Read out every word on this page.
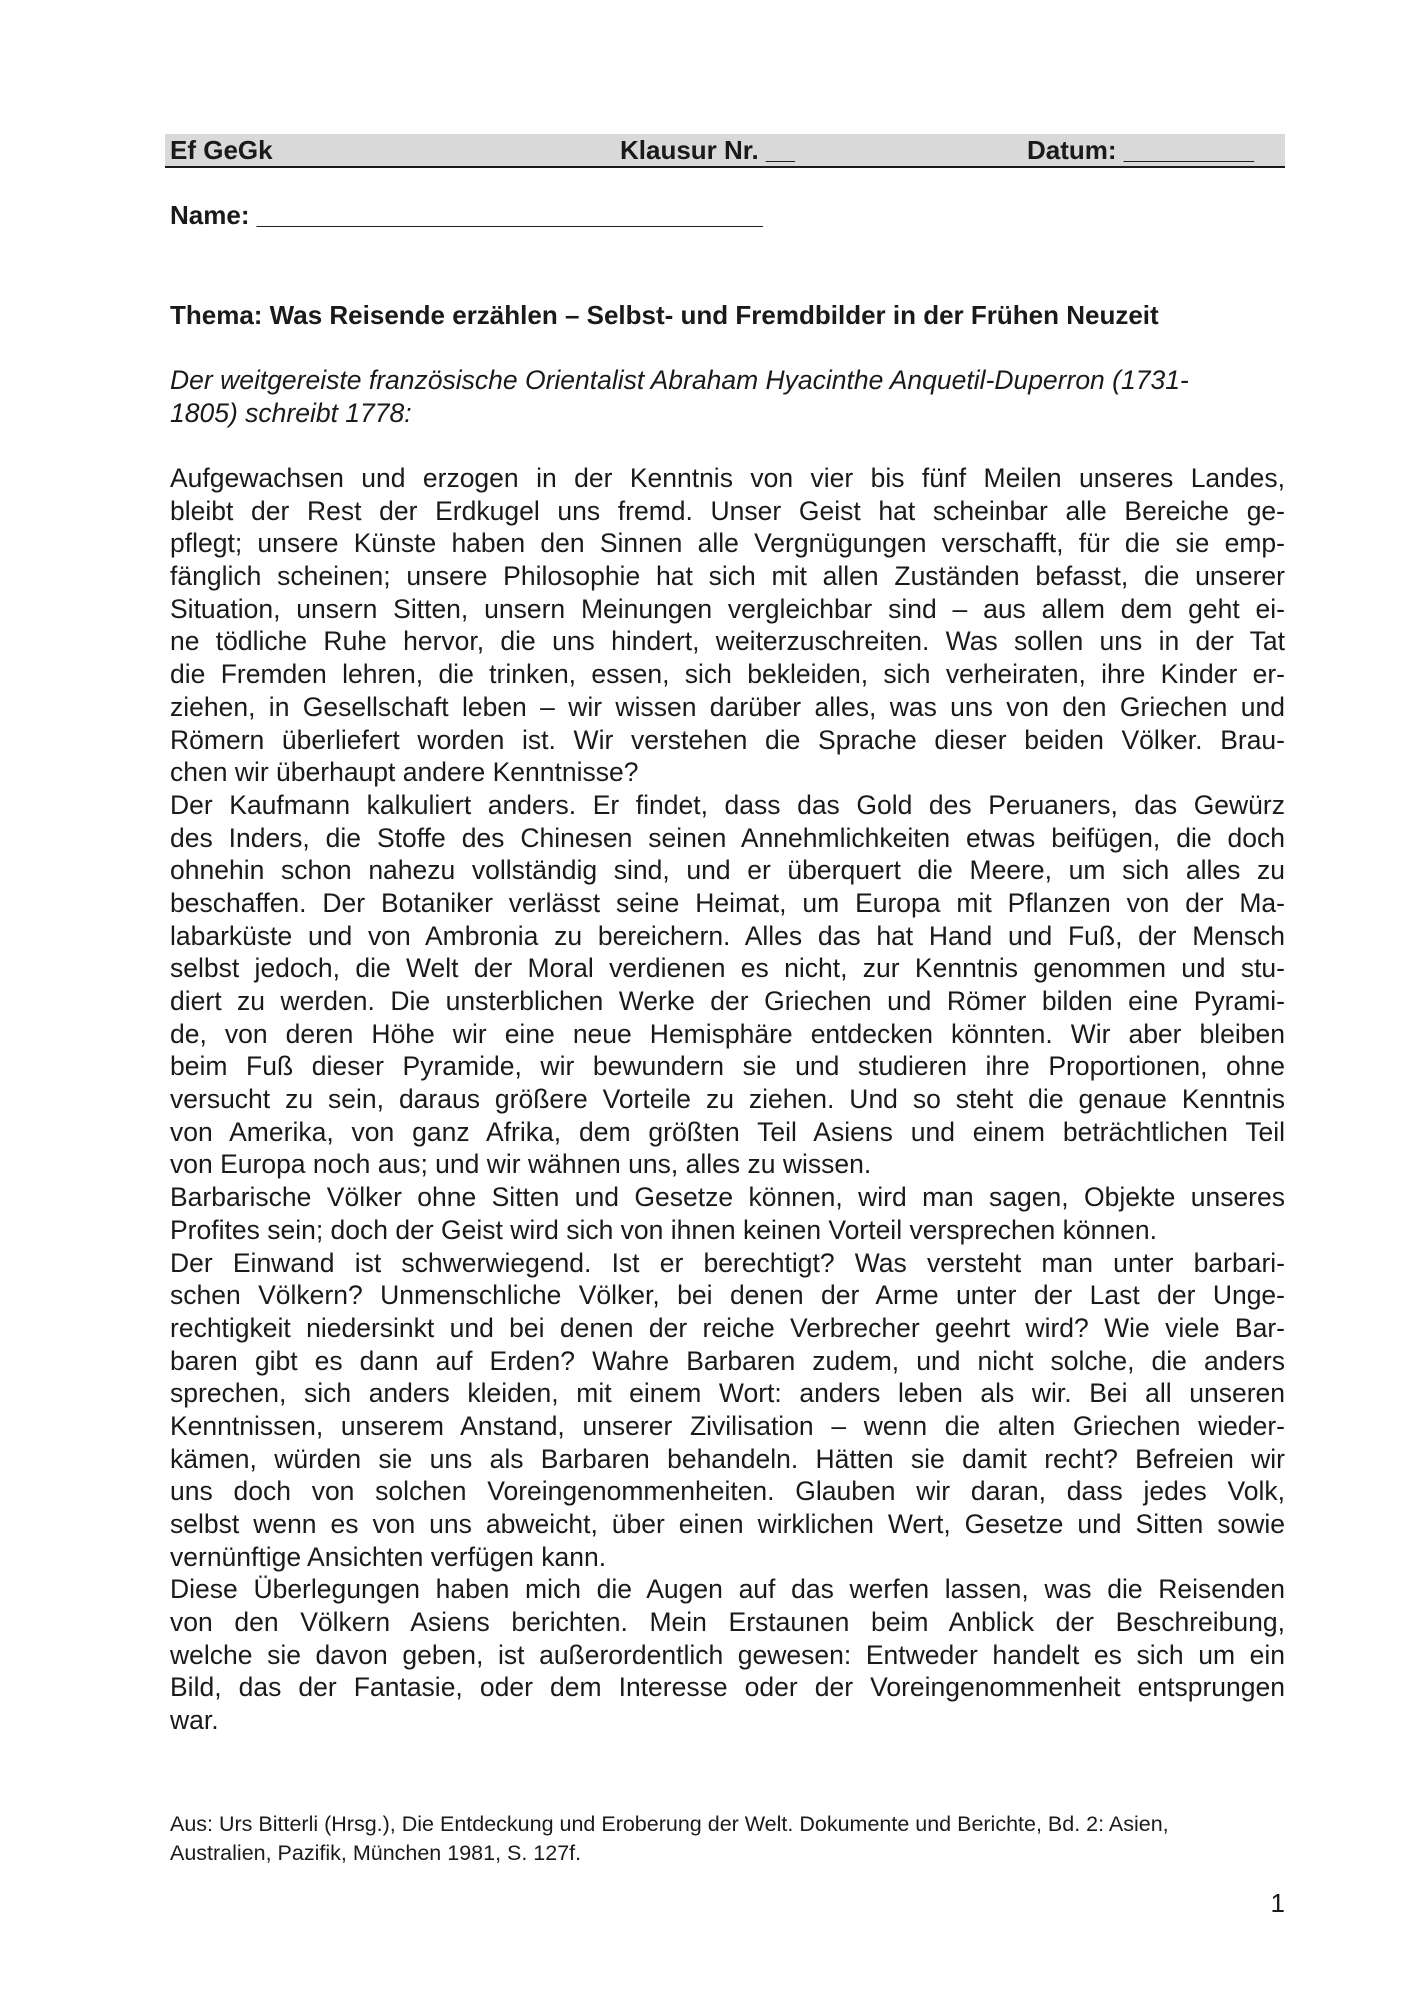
Ef GeGk	Klausur Nr. __	Datum: _________
Name: ___________________________________
Thema: Was Reisende erzählen – Selbst- und Fremdbilder in der Frühen Neuzeit
Der weitgereiste französische Orientalist Abraham Hyacinthe Anquetil-Duperron (1731-
1805) schreibt 1778:
Aufgewachsen und erzogen in der Kenntnis von vier bis fünf Meilen unseres Landes,
bleibt der Rest der Erdkugel uns fremd. Unser Geist hat scheinbar alle Bereiche ge-
pflegt; unsere Künste haben den Sinnen alle Vergnügungen verschafft, für die sie emp-
fänglich scheinen; unsere Philosophie hat sich mit allen Zuständen befasst, die unserer
Situation, unsern Sitten, unsern Meinungen vergleichbar sind – aus allem dem geht ei-
ne tödliche Ruhe hervor, die uns hindert, weiterzuschreiten. Was sollen uns in der Tat
die Fremden lehren, die trinken, essen, sich bekleiden, sich verheiraten, ihre Kinder er-
ziehen, in Gesellschaft leben – wir wissen darüber alles, was uns von den Griechen und
Römern überliefert worden ist. Wir verstehen die Sprache dieser beiden Völker. Brau-
chen wir überhaupt andere Kenntnisse?
Der Kaufmann kalkuliert anders. Er findet, dass das Gold des Peruaners, das Gewürz
des Inders, die Stoffe des Chinesen seinen Annehmlichkeiten etwas beifügen, die doch
ohnehin schon nahezu vollständig sind, und er überquert die Meere, um sich alles zu
beschaffen. Der Botaniker verlässt seine Heimat, um Europa mit Pflanzen von der Ma-
labarküste und von Ambronia zu bereichern. Alles das hat Hand und Fuß, der Mensch
selbst jedoch, die Welt der Moral verdienen es nicht, zur Kenntnis genommen und stu-
diert zu werden. Die unsterblichen Werke der Griechen und Römer bilden eine Pyrami-
de, von deren Höhe wir eine neue Hemisphäre entdecken könnten. Wir aber bleiben
beim Fuß dieser Pyramide, wir bewundern sie und studieren ihre Proportionen, ohne
versucht zu sein, daraus größere Vorteile zu ziehen. Und so steht die genaue Kenntnis
von Amerika, von ganz Afrika, dem größten Teil Asiens und einem beträchtlichen Teil
von Europa noch aus; und wir wähnen uns, alles zu wissen.
Barbarische Völker ohne Sitten und Gesetze können, wird man sagen, Objekte unseres
Profites sein; doch der Geist wird sich von ihnen keinen Vorteil versprechen können.
Der Einwand ist schwerwiegend. Ist er berechtigt? Was versteht man unter barbari-
schen Völkern? Unmenschliche Völker, bei denen der Arme unter der Last der Unge-
rechtigkeit niedersinkt und bei denen der reiche Verbrecher geehrt wird? Wie viele Bar-
baren gibt es dann auf Erden? Wahre Barbaren zudem, und nicht solche, die anders
sprechen, sich anders kleiden, mit einem Wort: anders leben als wir. Bei all unseren
Kenntnissen, unserem Anstand, unserer Zivilisation – wenn die alten Griechen wieder-
kämen, würden sie uns als Barbaren behandeln. Hätten sie damit recht? Befreien wir
uns doch von solchen Voreingenommenheiten. Glauben wir daran, dass jedes Volk,
selbst wenn es von uns abweicht, über einen wirklichen Wert, Gesetze und Sitten sowie
vernünftige Ansichten verfügen kann.
Diese Überlegungen haben mich die Augen auf das werfen lassen, was die Reisenden
von den Völkern Asiens berichten. Mein Erstaunen beim Anblick der Beschreibung,
welche sie davon geben, ist außerordentlich gewesen: Entweder handelt es sich um ein
Bild, das der Fantasie, oder dem Interesse oder der Voreingenommenheit entsprungen
war.
Aus: Urs Bitterli (Hrsg.), Die Entdeckung und Eroberung der Welt. Dokumente und Berichte, Bd. 2: Asien,
Australien, Pazifik, München 1981, S. 127f.
1
